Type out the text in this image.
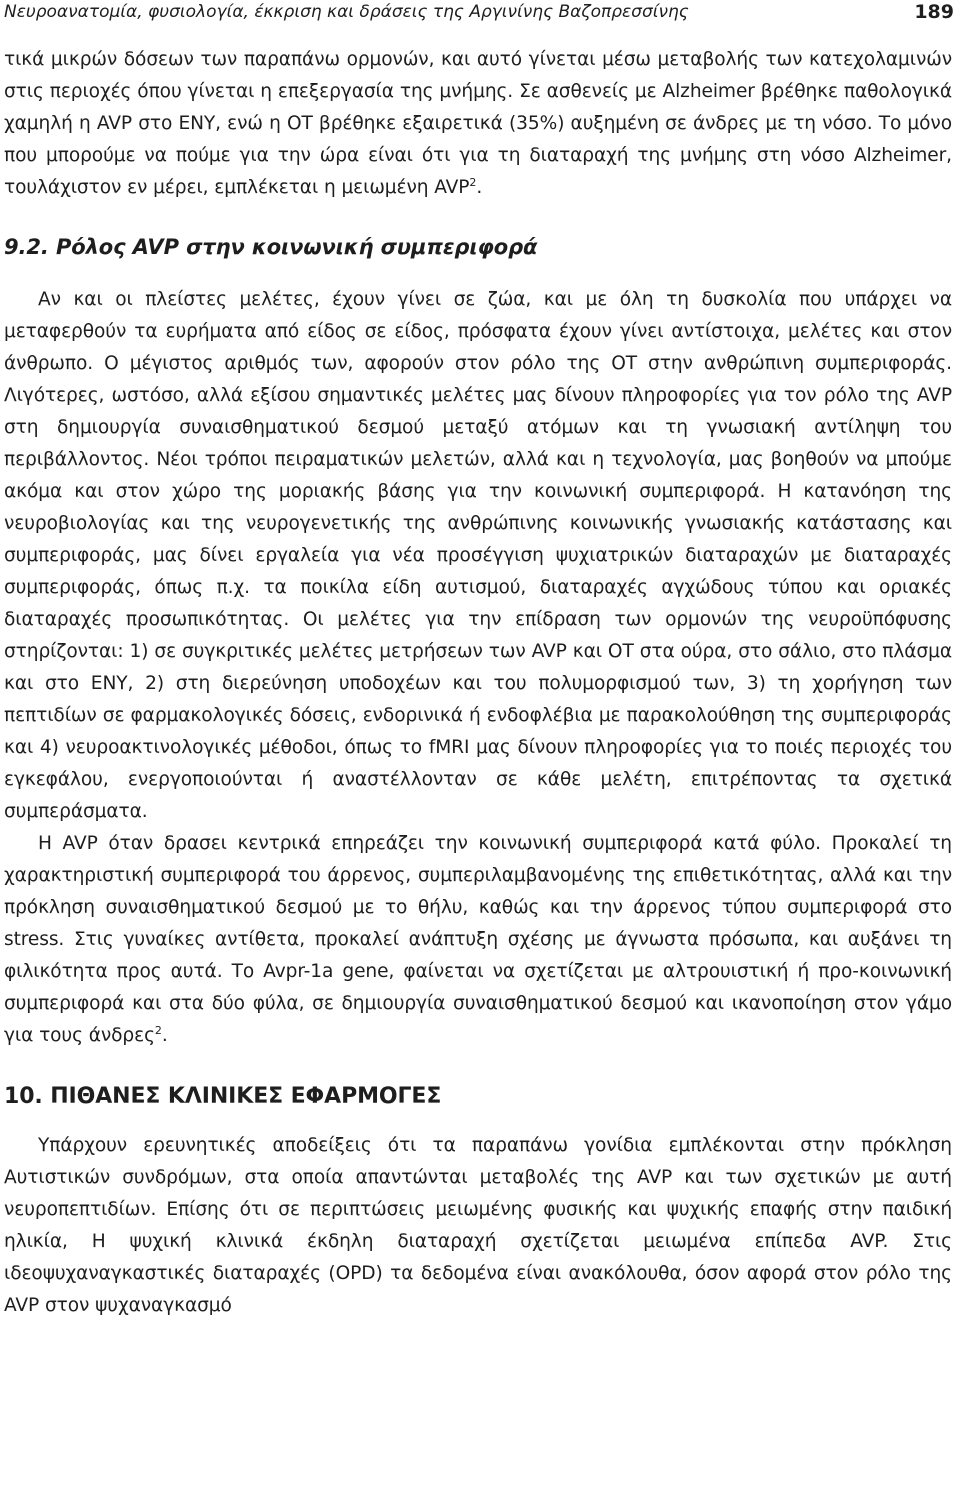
Νευροανατομία, φυσιολογία, έκκριση και δράσεις της Αργινίνης Βαζοπρεσσίνης	189

τικά μικρών δόσεων των παραπάνω ορμονών, και αυτό γίνεται μέσω μεταβολής των κατεχολαμινών στις περιοχές όπου γίνεται η επεξεργασία της μνήμης. Σε ασθενείς με Alzheimer βρέθηκε παθολογικά χαμηλή η AVP στο ΕΝΥ, ενώ η ΟΤ βρέθηκε εξαιρετικά (35%) αυξημένη σε άνδρες με τη νόσο. Το μόνο που μπορούμε να πούμε για την ώρα είναι ότι για τη διαταραχή της μνήμης στη νόσο Alzheimer, τουλάχιστον εν μέρει, εμπλέκεται η μειωμένη AVP$^2$.

9.2. Ρόλος AVP στην κοινωνική συμπεριφορά

Αν και οι πλείστες μελέτες, έχουν γίνει σε ζώα, και με όλη τη δυσκολία που υπάρχει να μεταφερθούν τα ευρήματα από είδος σε είδος, πρόσφατα έχουν γίνει αντίστοιχα, μελέτες και στον άνθρωπο. Ο μέγιστος αριθμός των, αφορούν στον ρόλο της ΟΤ στην ανθρώπινη συμπεριφοράς. Λιγότερες, ωστόσο, αλλά εξίσου σημαντικές μελέτες μας δίνουν πληροφορίες για τον ρόλο της AVP στη δημιουργία συναισθηματικού δεσμού μεταξύ ατόμων και τη γνωσιακή αντίληψη του περιβάλλοντος. Νέοι τρόποι πειραματικών μελετών, αλλά και η τεχνολογία, μας βοηθούν να μπούμε ακόμα και στον χώρο της μοριακής βάσης για την κοινωνική συμπεριφορά. Η κατανόηση της νευροβιολογίας και της νευρογενετικής της ανθρώπινης κοινωνικής γνωσιακής κατάστασης και συμπεριφοράς, μας δίνει εργαλεία για νέα προσέγγιση ψυχιατρικών διαταραχών με διαταραχές συμπεριφοράς, όπως π.χ. τα ποικίλα είδη αυτισμού, διαταραχές αγχώδους τύπου και οριακές διαταραχές προσωπικότητας. Οι μελέτες για την επίδραση των ορμονών της νευροϋπόφυσης στηρίζονται: 1) σε συγκριτικές μελέτες μετρήσεων των AVP και ΟΤ στα ούρα, στο σάλιο, στο πλάσμα και στο ΕΝΥ, 2) στη διερεύνηση υποδοχέων και του πολυμορφισμού των, 3) τη χορήγηση των πεπτιδίων σε φαρμακολογικές δόσεις, ενδορινικά ή ενδοφλέβια με παρακολούθηση της συμπεριφοράς και 4) νευροακτινολογικές μέθοδοι, όπως το fMRI μας δίνουν πληροφορίες για το ποιές περιοχές του εγκεφάλου, ενεργοποιούνται ή αναστέλλονταν σε κάθε μελέτη, επιτρέποντας τα σχετικά συμπεράσματα.

Η AVP όταν δρασει κεντρικά επηρεάζει την κοινωνική συμπεριφορά κατά φύλο. Προκαλεί τη χαρακτηριστική συμπεριφορά του άρρενος, συμπεριλαμβανομένης της επιθετικότητας, αλλά και την πρόκληση συναισθηματικού δεσμού με το θήλυ, καθώς και την άρρενος τύπου συμπεριφορά στο stress. Στις γυναίκες αντίθετα, προκαλεί ανάπτυξη σχέσης με άγνωστα πρόσωπα, και αυξάνει τη φιλικότητα προς αυτά. Το Avpr-1a gene, φαίνεται να σχετίζεται με αλτρουιστική ή προ-κοινωνική συμπεριφορά και στα δύο φύλα, σε δημιουργία συναισθηματικού δεσμού και ικανοποίηση στον γάμο για τους άνδρες$^2$.

10. ΠΙΘΑΝΕΣ ΚΛΙΝΙΚΕΣ ΕΦΑΡΜΟΓΕΣ

Υπάρχουν ερευνητικές αποδείξεις ότι τα παραπάνω γονίδια εμπλέκονται στην πρόκληση Αυτιστικών συνδρόμων, στα οποία απαντώνται μεταβολές της AVP και των σχετικών με αυτή νευροπεπτιδίων. Επίσης ότι σε περιπτώσεις μειωμένης φυσικής και ψυχικής επαφής στην παιδική ηλικία, Η ψυχική κλινικά έκδηλη διαταραχή σχετίζεται μειωμένα επίπεδα AVP. Στις ιδεοψυχαναγκαστικές διαταραχές (OPD) τα δεδομένα είναι ανακόλουθα, όσον αφορά στον ρόλο της AVP στον ψυχαναγκασμό
